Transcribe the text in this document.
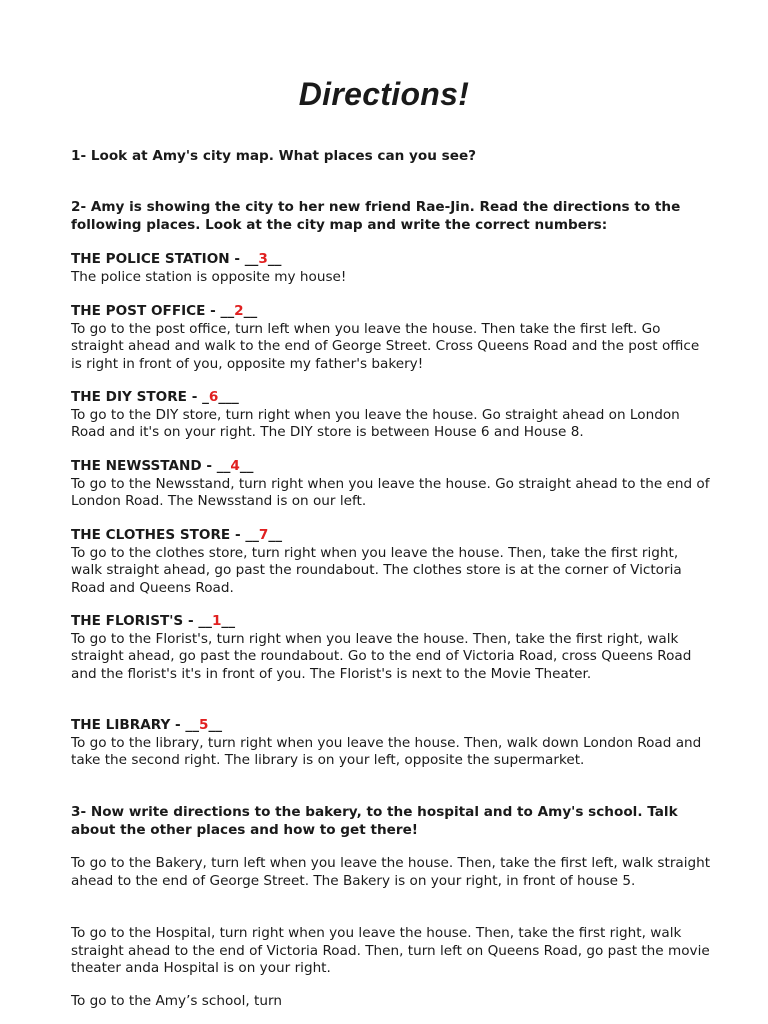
Directions!

1- Look at Amy's city map. What places can you see?

2- Amy is showing the city to her new friend Rae-Jin. Read the directions to the following places. Look at the city map and write the correct numbers:

THE POLICE STATION - __3__
The police station is opposite my house!
THE POST OFFICE - __2__
To go to the post office, turn left when you leave the house. Then take the first left. Go straight ahead and walk to the end of George Street. Cross Queens Road and the post office is right in front of you, opposite my father's bakery!
THE DIY STORE - _6___
To go to the DIY store, turn right when you leave the house. Go straight ahead on London Road and it's on your right. The DIY store is between House 6 and House 8.
THE NEWSSTAND - __4__
To go to the Newsstand, turn right when you leave the house. Go straight ahead to the end of London Road. The Newsstand is on our left.
THE CLOTHES STORE - __7__
To go to the clothes store, turn right when you leave the house. Then, take the first right, walk straight ahead, go past the roundabout. The clothes store is at the corner of Victoria Road and Queens Road.
THE FLORIST'S - __1__
To go to the Florist's, turn right when you leave the house. Then, take the first right, walk straight ahead, go past the roundabout. Go to the end of Victoria Road, cross Queens Road and the florist's it's in front of you. The Florist's is next to the Movie Theater.
THE LIBRARY - __5__
To go to the library, turn right when you leave the house. Then, walk down London Road and take the second right. The library is on your left, opposite the supermarket.

3- Now write directions to the bakery, to the hospital and to Amy's school. Talk about the other places and how to get there!

To go to the Bakery, turn left when you leave the house. Then, take the first left, walk straight ahead to the end of George Street. The Bakery is on your right, in front of house 5.

To go to the Hospital, turn right when you leave the house. Then, take the first right, walk straight ahead to the end of Victoria Road. Then, turn left on Queens Road, go past the movie theater anda Hospital is on your right.

To go to the Amy’s school, turn
